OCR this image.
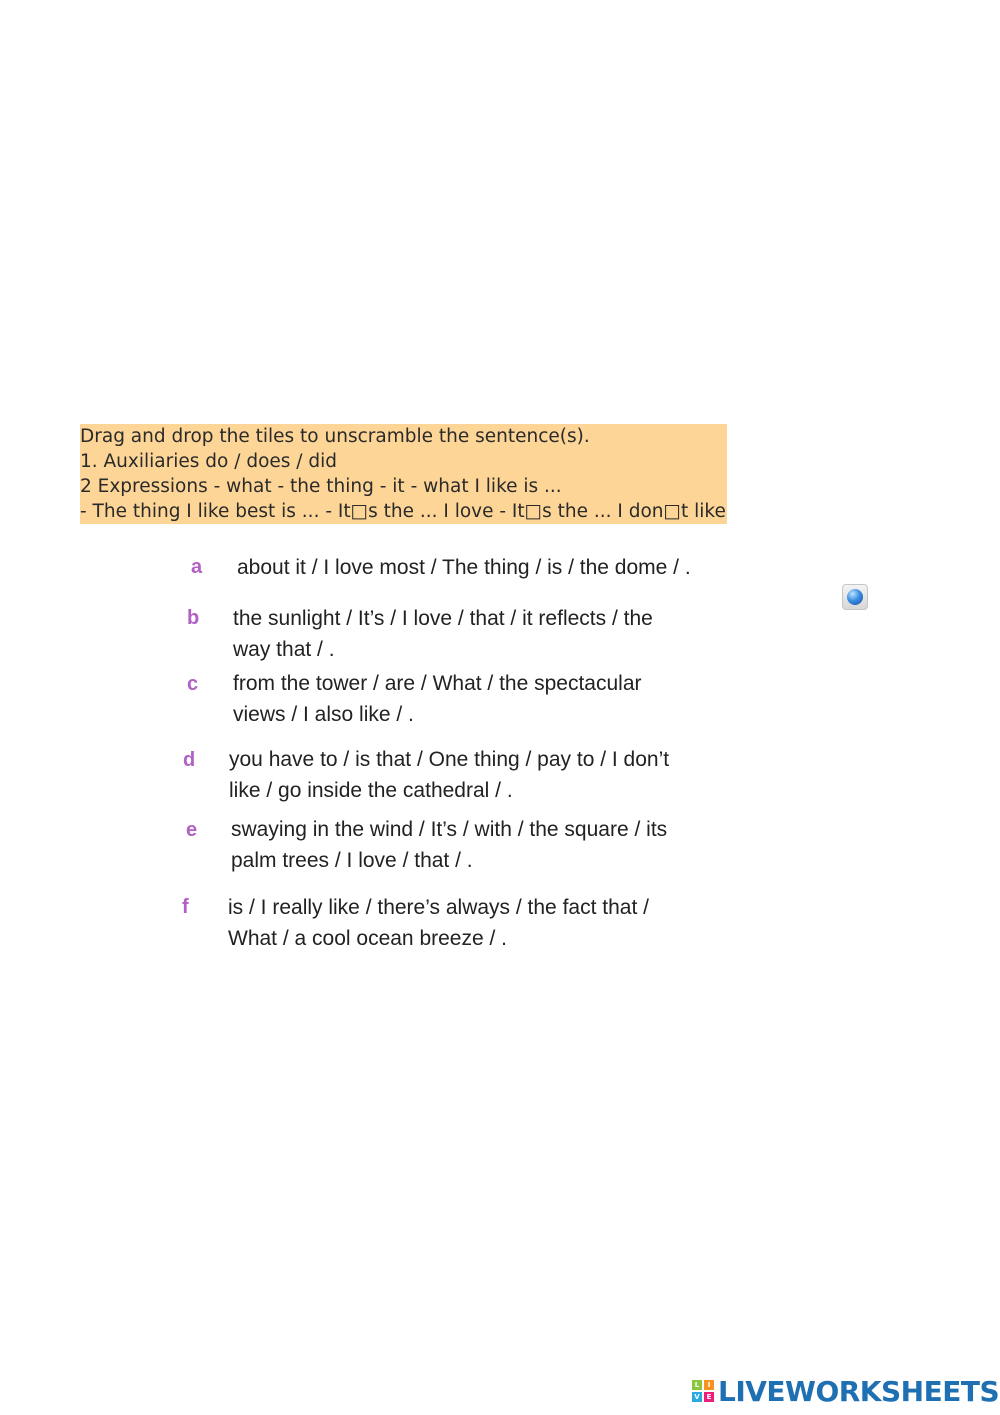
Drag and drop the tiles to unscramble the sentence(s).
1. Auxiliaries do / does / did
2 Expressions - what - the thing - it - what I like is ...
- The thing I like best is ... - It□s the ... I love - It□s the ... I don□t like
a about it / I love most / The thing / is / the dome / .
b the sunlight / It’s / I love / that / it reflects / the
way that / .
c from the tower / are / What / the spectacular
views / I also like / .
d you have to / is that / One thing / pay to / I don’t
like / go inside the cathedral / .
e swaying in the wind / It’s / with / the square / its
palm trees / I love / that / .
f is / I really like / there’s always / the fact that /
What / a cool ocean breeze / .
L	I
V E LIVEWORKSHEETS
